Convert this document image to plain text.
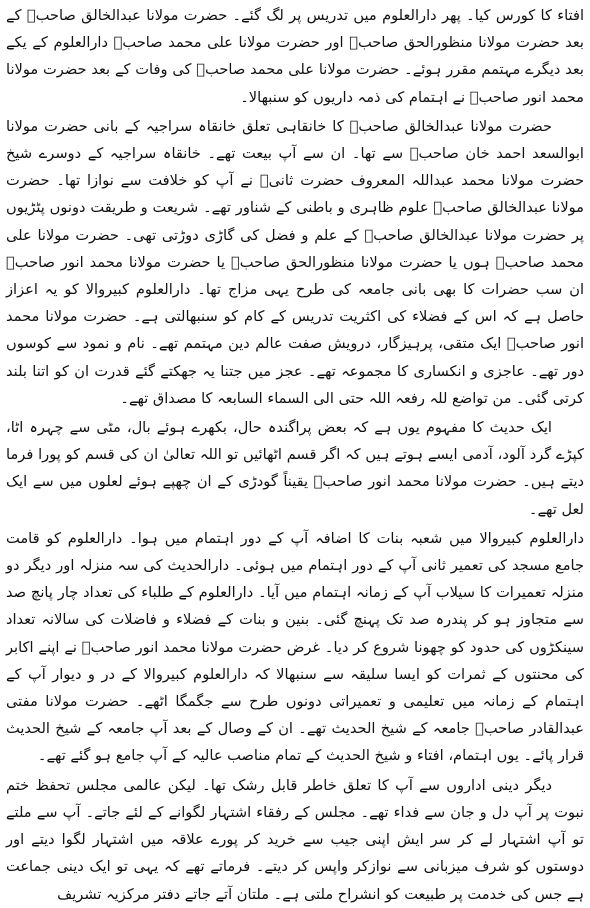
افتاء کا کورس کیا۔ پھر دارالعلوم میں تدریس پر لگ گئے۔ حضرت مولانا عبدالخالق صاحبؒ کے بعد حضرت مولانا منظورالحق صاحبؒ اور حضرت مولانا علی محمد صاحبؒ دارالعلوم کے یکے بعد دیگرے مہتمم مقرر ہوئے۔ حضرت مولانا علی محمد صاحبؒ کی وفات کے بعد حضرت مولانا محمد انور صاحبؒ نے اہتمام کی ذمہ داریوں کو سنبھالا۔

حضرت مولانا عبدالخالق صاحبؒ کا خانقاہی تعلق خانقاہ سراجیہ کے بانی حضرت مولانا ابوالسعد احمد خان صاحبؒ سے تھا۔ ان سے آپ بیعت تھے۔ خانقاہ سراجیہ کے دوسرے شیخ حضرت مولانا محمد عبداللہ المعروف حضرت ثانیؒ نے آپ کو خلافت سے نوازا تھا۔ حضرت مولانا عبدالخالق صاحبؒ علوم ظاہری و باطنی کے شناور تھے۔ شریعت و طریقت دونوں پٹڑیوں پر حضرت مولانا عبدالخالق صاحبؒ کے علم و فضل کی گاڑی دوڑتی تھی۔ حضرت مولانا علی محمد صاحبؒ ہوں یا حضرت مولانا منظورالحق صاحبؒ یا حضرت مولانا محمد انور صاحبؒ ان سب حضرات کا بھی بانی جامعہ کی طرح یہی مزاج تھا۔ دارالعلوم کبیروالا کو یہ اعزاز حاصل ہے کہ اس کے فضلاء کی اکثریت تدریس کے کام کو سنبھالتی ہے۔ حضرت مولانا محمد انور صاحبؒ ایک متقی، پرہیزگار، درویش صفت عالم دین مہتمم تھے۔ نام و نمود سے کوسوں دور تھے۔ عاجزی و انکساری کا مجموعہ تھے۔ عجز میں جتنا یہ جھکتے گئے قدرت ان کو اتنا بلند کرتی گئی۔ من تواضع للہ رفعہ اللہ حتی الی السماء السابعہ کا مصداق تھے۔

ایک حدیث کا مفہوم یوں ہے کہ بعض پراگندہ حال، بکھرے ہوئے بال، مٹی سے چہرہ اٹا، کپڑے گرد آلود، آدمی ایسے ہوتے ہیں کہ اگر قسم اٹھائیں تو اللہ تعالیٰ ان کی قسم کو پورا فرما دیتے ہیں۔ حضرت مولانا محمد انور صاحبؒ یقیناً گودڑی کے ان چھپے ہوئے لعلوں میں سے ایک لعل تھے۔

دارالعلوم کبیروالا میں شعبہ بنات کا اضافہ آپ کے دور اہتمام میں ہوا۔ دارالعلوم کو قامت جامع مسجد کی تعمیر ثانی آپ کے دور اہتمام میں ہوئی۔ دارالحدیث کی سہ منزلہ اور دیگر دو منزلہ تعمیرات کا سیلاب آپ کے زمانہ اہتمام میں آیا۔ دارالعلوم کے طلباء کی تعداد چار پانچ صد سے متجاوز ہو کر پندرہ صد تک پہنچ گئی۔ بنین و بنات کے فضلاء و فاضلات کی سالانہ تعداد سینکڑوں کی حدود کو چھونا شروع کر دیا۔ غرض حضرت مولانا محمد انور صاحبؒ نے اپنے اکابر کی محنتوں کے ثمرات کو ایسا سلیقہ سے سنبھالا کہ دارالعلوم کبیروالا کے در و دیوار آپ کے اہتمام کے زمانہ میں تعلیمی و تعمیراتی دونوں طرح سے جگمگا اٹھے۔ حضرت مولانا مفتی عبدالقادر صاحبؒ جامعہ کے شیخ الحدیث تھے۔ ان کے وصال کے بعد آپ جامعہ کے شیخ الحدیث قرار پائے۔ یوں اہتمام، افتاء و شیخ الحدیث کے تمام مناصب عالیہ کے آپ جامع ہو گئے تھے۔

دیگر دینی اداروں سے آپ کا تعلق خاطر قابل رشک تھا۔ لیکن عالمی مجلس تحفظ ختم نبوت پر آپ دل و جان سے فداء تھے۔ مجلس کے رفقاء اشتہار لگوانے کے لئے جاتے۔ آپ سے ملتے تو آپ اشتہار لے کر سر ایش اپنی جیب سے خرید کر پورے علاقہ میں اشتہار لگوا دیتے اور دوستوں کو شرف میزبانی سے نوازکر واپس کر دیتے۔ فرماتے تھے کہ یہی تو ایک دینی جماعت ہے جس کی خدمت پر طبیعت کو انشراح ملتی ہے۔ ملتان آتے جاتے دفتر مرکزیہ تشریف
